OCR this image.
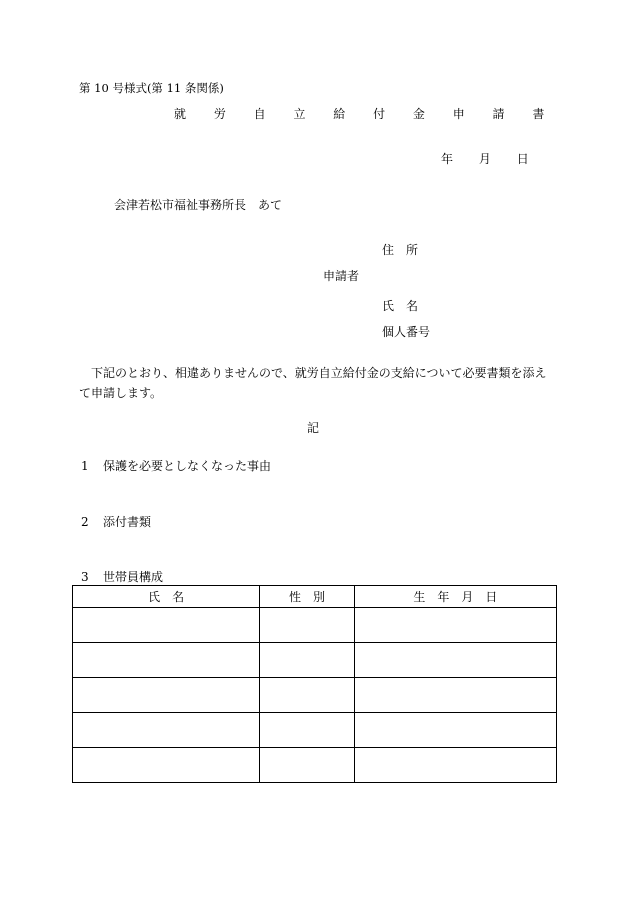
第 10 号様式(第 11 条関係)
就 労 自 立 給 付 金 申 請 書
年 月 日
会津若松市福祉事務所長　あて
住　所
申請者
氏　名
個人番号
下記のとおり、相違ありませんので、就労自立給付金の支給について必要書類を添えて申請します。
記
1 保護を必要としなくなった事由
2 添付書類
3 世帯員構成
氏　名	性　別	生　年　月　日
